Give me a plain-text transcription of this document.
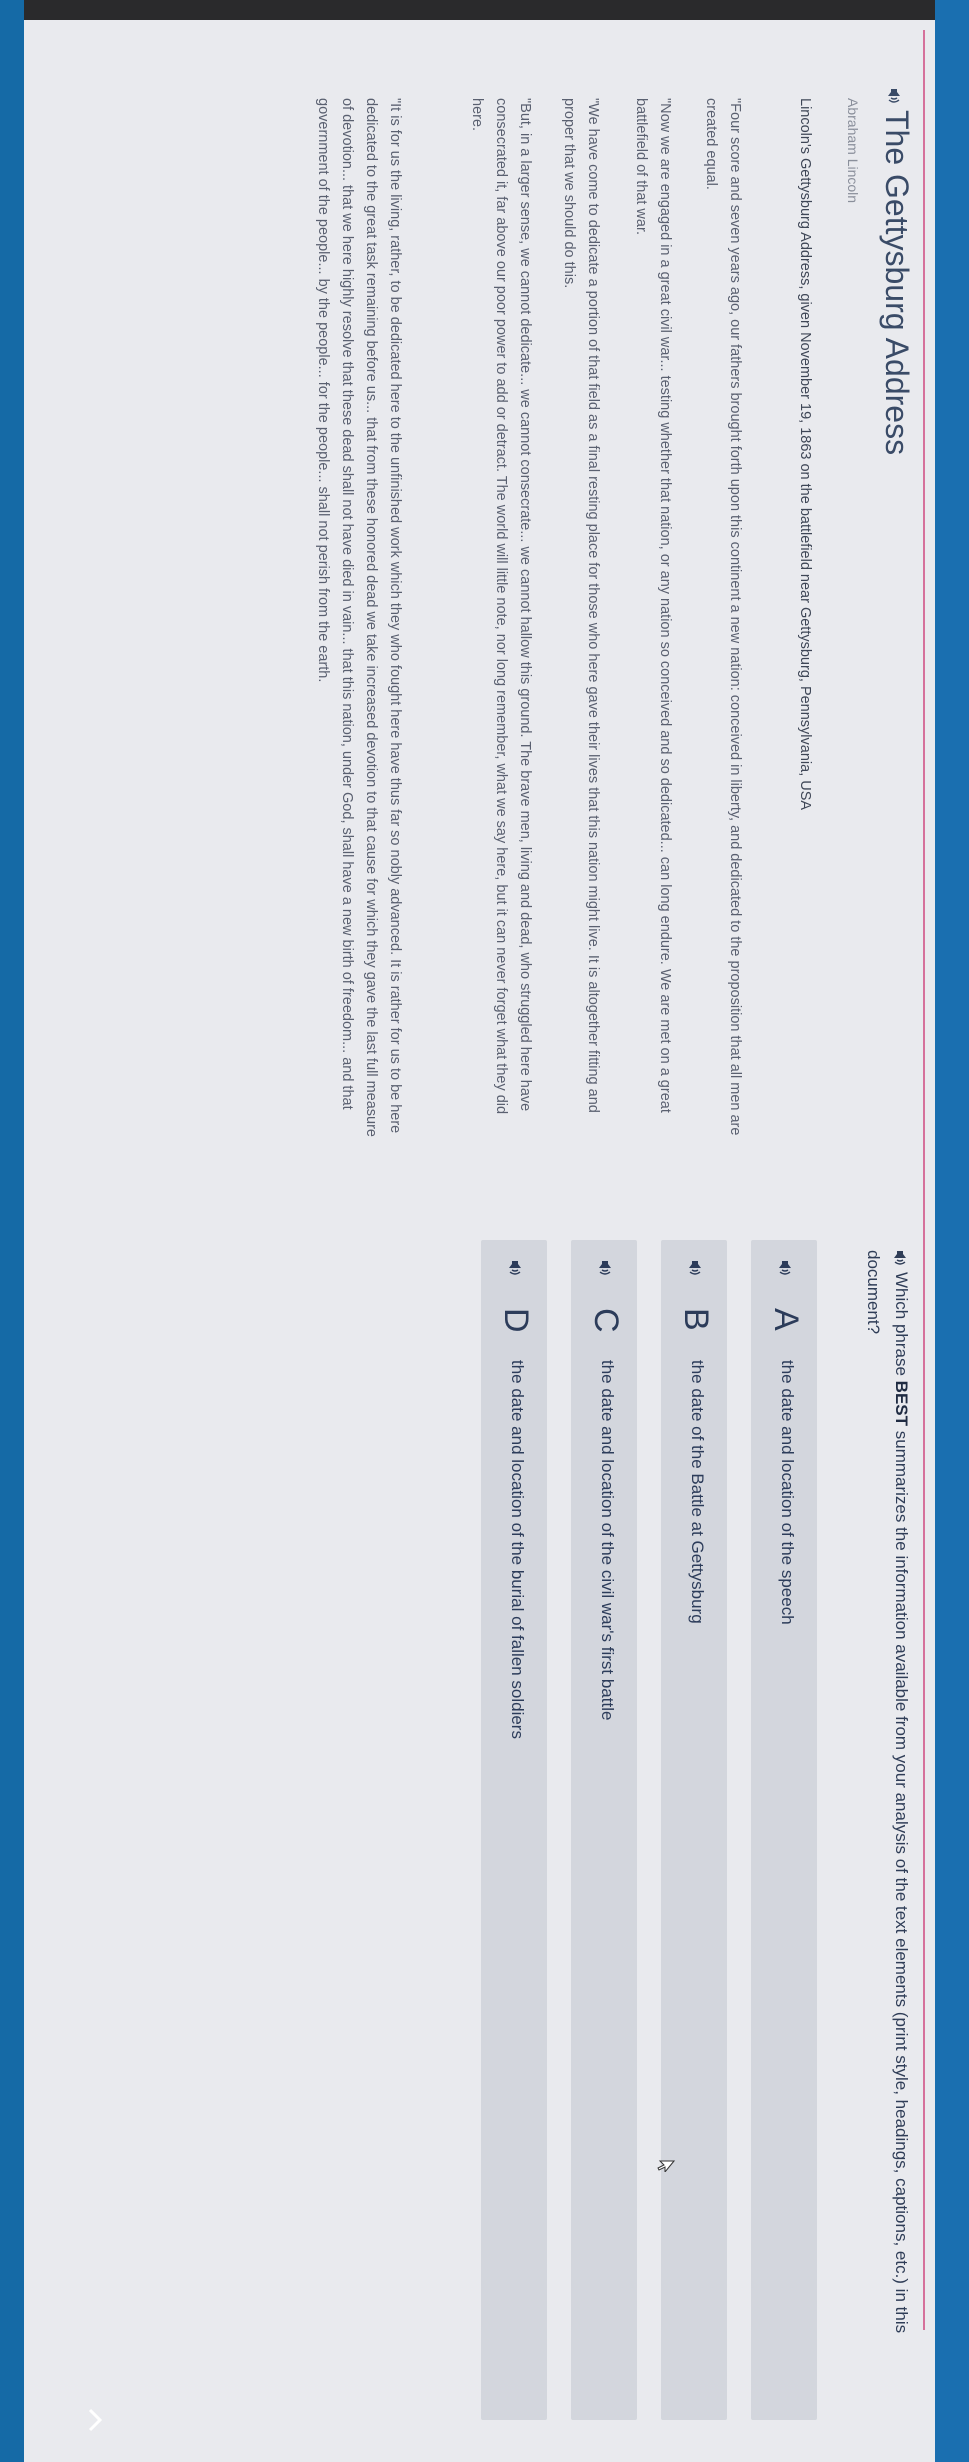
The Gettysburg Address
Abraham Lincoln

Lincoln's Gettysburg Address, given November 19, 1863 on the battlefield near Gettysburg, Pennsylvania, USA

"Four score and seven years ago, our fathers brought forth upon this continent a new nation: conceived in liberty, and dedicated to the proposition that all men are created equal.

"Now we are engaged in a great civil war... testing whether that nation, or any nation so conceived and so dedicated... can long endure. We are met on a great battlefield of that war.

"We have come to dedicate a portion of that field as a final resting place for those who here gave their lives that this nation might live. It is altogether fitting and proper that we should do this.

"But, in a larger sense, we cannot dedicate... we cannot consecrate... we cannot hallow this ground. The brave men, living and dead, who struggled here have consecrated it, far above our poor power to add or detract. The world will little note, nor long remember, what we say here, but it can never forget what they did here.

"It is for us the living, rather, to be dedicated here to the unfinished work which they who fought here have thus far so nobly advanced. It is rather for us to be here dedicated to the great task remaining before us... that from these honored dead we take increased devotion to that cause for which they gave the last full measure of devotion... that we here highly resolve that these dead shall not have died in vain... that this nation, under God, shall have a new birth of freedom... and that government of the people... by the people... for the people... shall not perish from the earth.

Which phrase BEST summarizes the information available from your analysis of the text elements (print style, headings, captions, etc.) in this document?

A
the date and location of the speech
B
the date of the Battle at Gettysburg
C
the date and location of the civil war's first battle
D
the date and location of the burial of fallen soldiers
